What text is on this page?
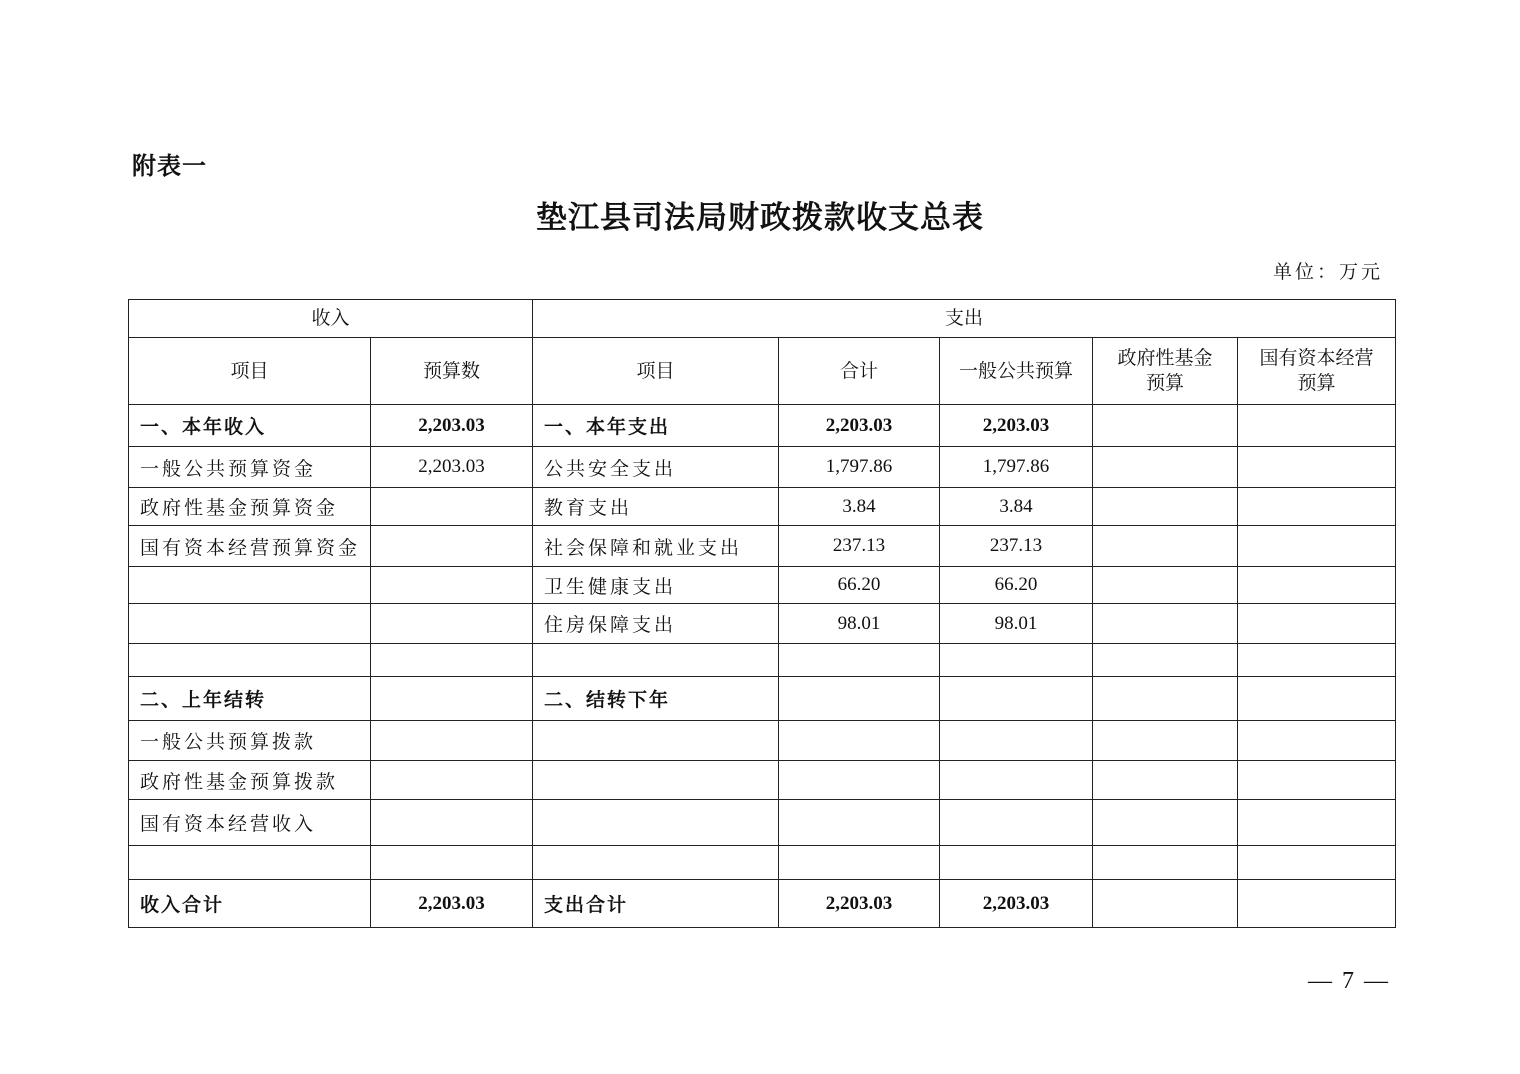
附表一
垫江县司法局财政拨款收支总表
单位：万元
收入		支出				
项目	预算数	项目	合计	一般公共预算	政府性基金预算	国有资本经营预算
一、本年收入	2,203.03	一、本年支出	2,203.03	2,203.03		
一般公共预算资金	2,203.03	公共安全支出	1,797.86	1,797.86		
政府性基金预算资金		教育支出	3.84	3.84		
国有资本经营预算资金		社会保障和就业支出	237.13	237.13		
		卫生健康支出	66.20	66.20		
		住房保障支出	98.01	98.01		

二、上年结转		二、结转下年				
一般公共预算拨款						
政府性基金预算拨款						
国有资本经营收入						

收入合计	2,203.03	支出合计	2,203.03	2,203.03		
— 7 —
